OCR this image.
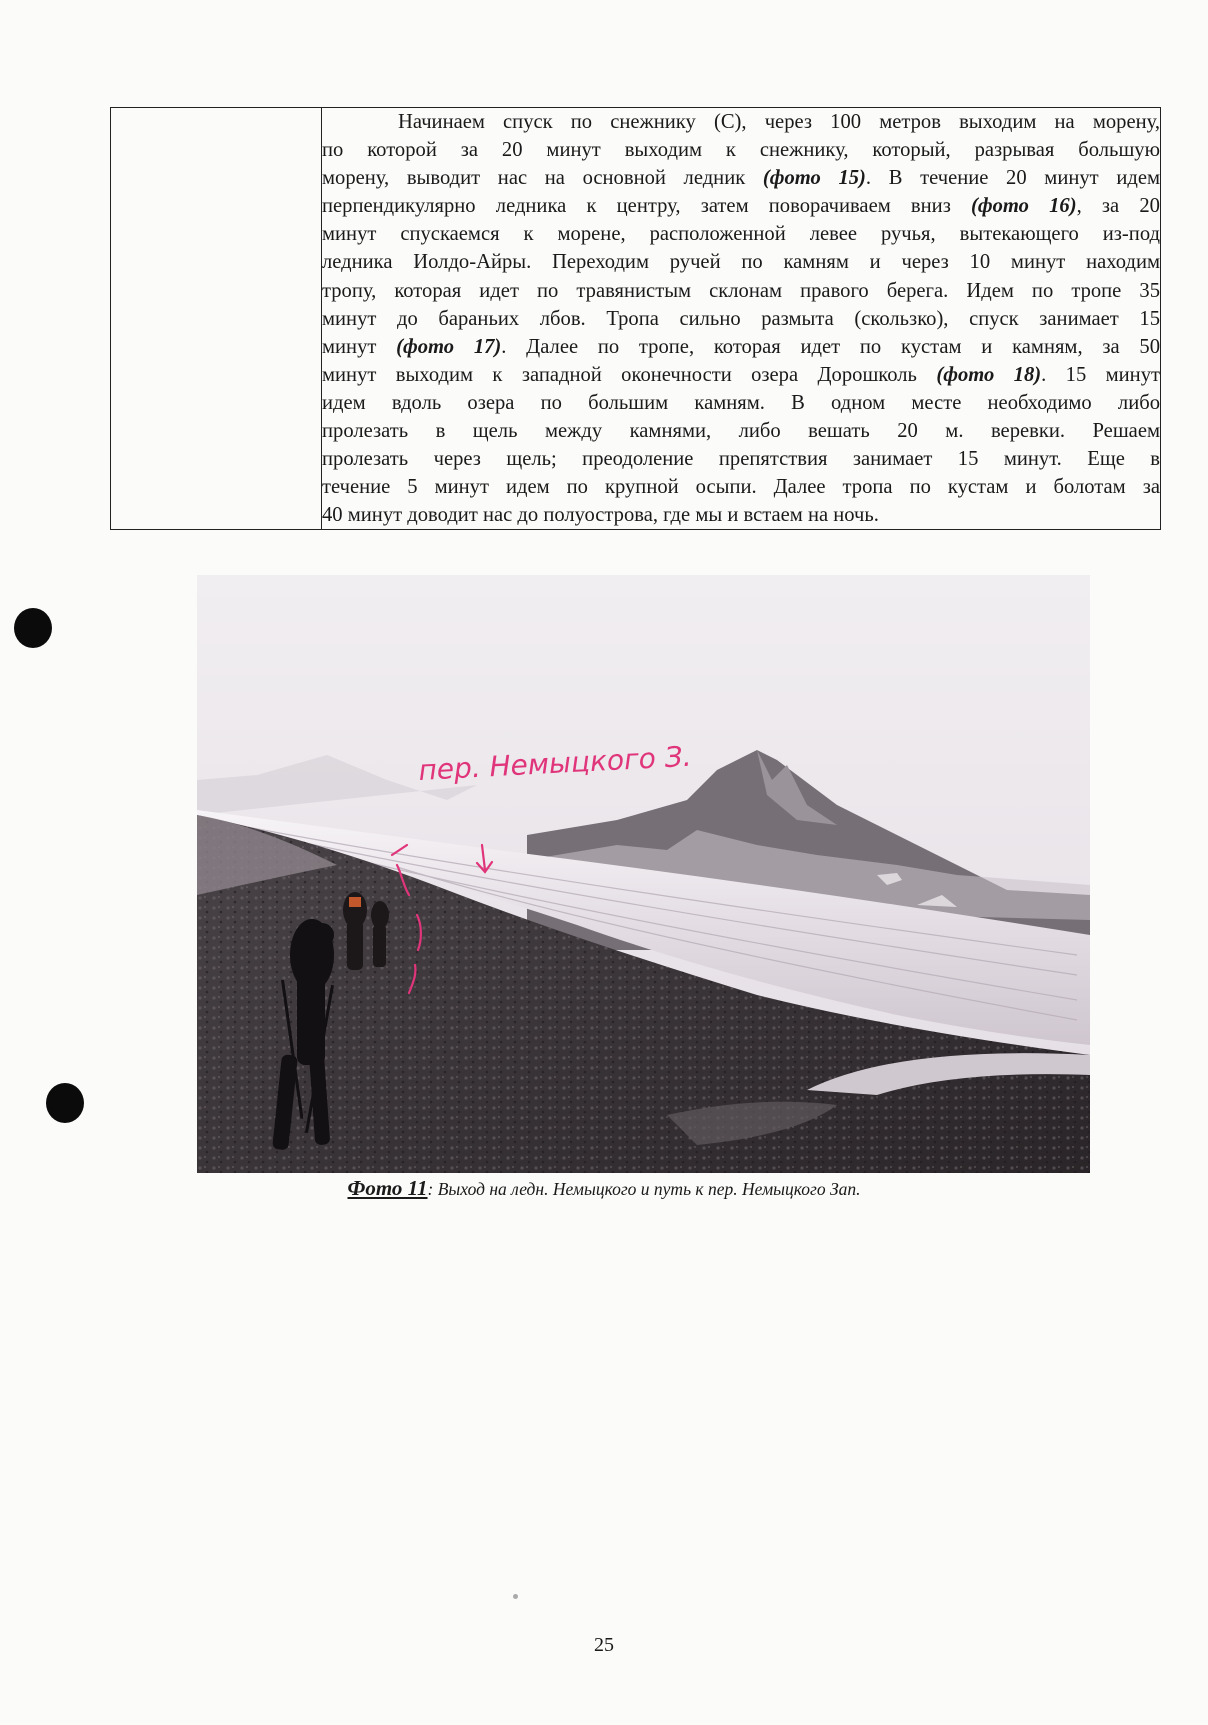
Начинаем спуск по снежнику (С), через 100 метров выходим на морену,
по которой за 20 минут выходим к снежнику, который, разрывая большую
морену, выводит нас на основной ледник (фото 15). В течение 20 минут идем
перпендикулярно ледника к центру, затем поворачиваем вниз (фото 16), за 20
минут спускаемся к морене, расположенной левее ручья, вытекающего из-под
ледника Иолдо-Айры. Переходим ручей по камням и через 10 минут находим
тропу, которая идет по травянистым склонам правого берега. Идем по тропе 35
минут до бараньих лбов. Тропа сильно размыта (скользко), спуск занимает 15
минут (фото 17). Далее по тропе, которая идет по кустам и камням, за 50
минут выходим к западной оконечности озера Дорошколь (фото 18). 15 минут
идем вдоль озера по большим камням. В одном месте необходимо либо
пролезать в щель между камнями, либо вешать 20 м. веревки. Решаем
пролезать через щель; преодоление препятствия занимает 15 минут. Еще в
течение 5 минут идем по крупной осыпи. Далее тропа по кустам и болотам за
40 минут доводит нас до полуострова, где мы и встаем на ночь.
пер. Немыцкого З.
Фото 11: Выход на ледн. Немыцкого и путь к пер. Немыцкого Зап.
25
